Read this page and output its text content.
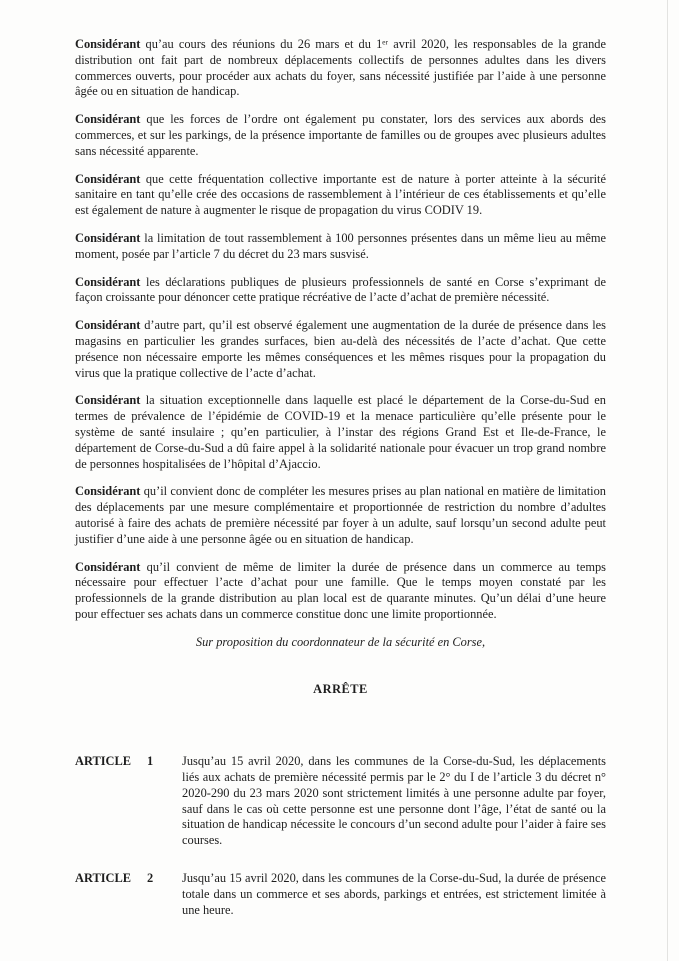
Considérant qu’au cours des réunions du 26 mars et du 1ᵉʳ avril 2020, les responsables de la grande distribution ont fait part de nombreux déplacements collectifs de personnes adultes dans les divers commerces ouverts, pour procéder aux achats du foyer, sans nécessité justifiée par l’aide à une personne âgée ou en situation de handicap.

Considérant que les forces de l’ordre ont également pu constater, lors des services aux abords des commerces, et sur les parkings, de la présence importante de familles ou de groupes avec plusieurs adultes sans nécessité apparente.

Considérant que cette fréquentation collective importante est de nature à porter atteinte à la sécurité sanitaire en tant qu’elle crée des occasions de rassemblement à l’intérieur de ces établissements et qu’elle est également de nature à augmenter le risque de propagation du virus CODIV 19.

Considérant la limitation de tout rassemblement à 100 personnes présentes dans un même lieu au même moment, posée par l’article 7 du décret du 23 mars susvisé.

Considérant les déclarations publiques de plusieurs professionnels de santé en Corse s’exprimant de façon croissante pour dénoncer cette pratique récréative de l’acte d’achat de première nécessité.

Considérant d’autre part, qu’il est observé également une augmentation de la durée de présence dans les magasins en particulier les grandes surfaces, bien au-delà des nécessités de l’acte d’achat. Que cette présence non nécessaire emporte les mêmes conséquences et les mêmes risques pour la propagation du virus que la pratique collective de l’acte d’achat.

Considérant la situation exceptionnelle dans laquelle est placé le département de la Corse-du-Sud en termes de prévalence de l’épidémie de COVID-19 et la menace particulière qu’elle présente pour le système de santé insulaire ; qu’en particulier, à l’instar des régions Grand Est et Ile-de-France, le département de Corse-du-Sud a dû faire appel à la solidarité nationale pour évacuer un trop grand nombre de personnes hospitalisées de l’hôpital d’Ajaccio.

Considérant qu’il convient donc de compléter les mesures prises au plan national en matière de limitation des déplacements par une mesure complémentaire et proportionnée de restriction du nombre d’adultes autorisé à faire des achats de première nécessité par foyer à un adulte, sauf lorsqu’un second adulte peut justifier d’une aide à une personne âgée ou en situation de handicap.

Considérant qu’il convient de même de limiter la durée de présence dans un commerce au temps nécessaire pour effectuer l’acte d’achat pour une famille. Que le temps moyen constaté par les professionnels de la grande distribution au plan local est de quarante minutes. Qu’un délai d’une heure pour effectuer ses achats dans un commerce constitue donc une limite proportionnée.

Sur proposition du coordonnateur de la sécurité en Corse,

ARRÊTE

ARTICLE 1 Jusqu’au 15 avril 2020, dans les communes de la Corse-du-Sud, les déplacements liés aux achats de première nécessité permis par le 2° du I de l’article 3 du décret n° 2020-290 du 23 mars 2020 sont strictement limités à une personne adulte par foyer, sauf dans le cas où cette personne est une personne dont l’âge, l’état de santé ou la situation de handicap nécessite le concours d’un second adulte pour l’aider à faire ses courses.

ARTICLE 2 Jusqu’au 15 avril 2020, dans les communes de la Corse-du-Sud, la durée de présence totale dans un commerce et ses abords, parkings et entrées, est strictement limitée à une heure.
